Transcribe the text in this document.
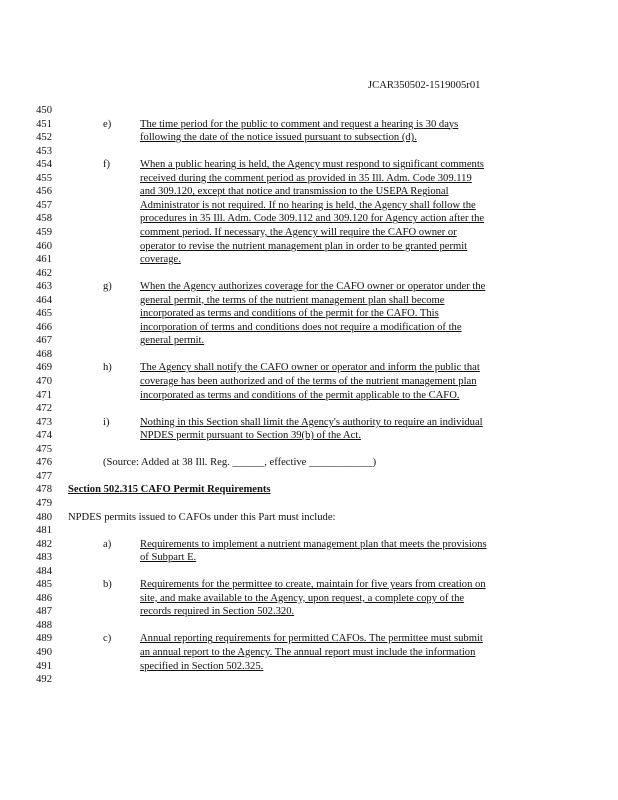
JCAR350502-1519005r01
450
451	e)	The time period for the public to comment and request a hearing is 30 days
452	following the date of the notice issued pursuant to subsection (d).
453
454	f)	When a public hearing is held, the Agency must respond to significant comments
455	received during the comment period as provided in 35 Ill. Adm. Code 309.119
456	and 309.120, except that notice and transmission to the USEPA Regional
457	Administrator is not required. If no hearing is held, the Agency shall follow the
458	procedures in 35 Ill. Adm. Code 309.112 and 309.120 for Agency action after the
459	comment period. If necessary, the Agency will require the CAFO owner or
460	operator to revise the nutrient management plan in order to be granted permit
461	coverage.
462
463	g)	When the Agency authorizes coverage for the CAFO owner or operator under the
464	general permit, the terms of the nutrient management plan shall become
465	incorporated as terms and conditions of the permit for the CAFO. This
466	incorporation of terms and conditions does not require a modification of the
467	general permit.
468
469	h)	The Agency shall notify the CAFO owner or operator and inform the public that
470	coverage has been authorized and of the terms of the nutrient management plan
471	incorporated as terms and conditions of the permit applicable to the CAFO.
472
473	i)	Nothing in this Section shall limit the Agency's authority to require an individual
474	NPDES permit pursuant to Section 39(b) of the Act.
475
476	(Source: Added at 38 Ill. Reg. ______, effective ____________)
477
478 Section 502.315 CAFO Permit Requirements
479
480 NPDES permits issued to CAFOs under this Part must include:
481
482	a)	Requirements to implement a nutrient management plan that meets the provisions
483	of Subpart E.
484
485	b)	Requirements for the permittee to create, maintain for five years from creation on
486	site, and make available to the Agency, upon request, a complete copy of the
487	records required in Section 502.320.
488
489	c)	Annual reporting requirements for permitted CAFOs. The permittee must submit
490	an annual report to the Agency. The annual report must include the information
491	specified in Section 502.325.
492
